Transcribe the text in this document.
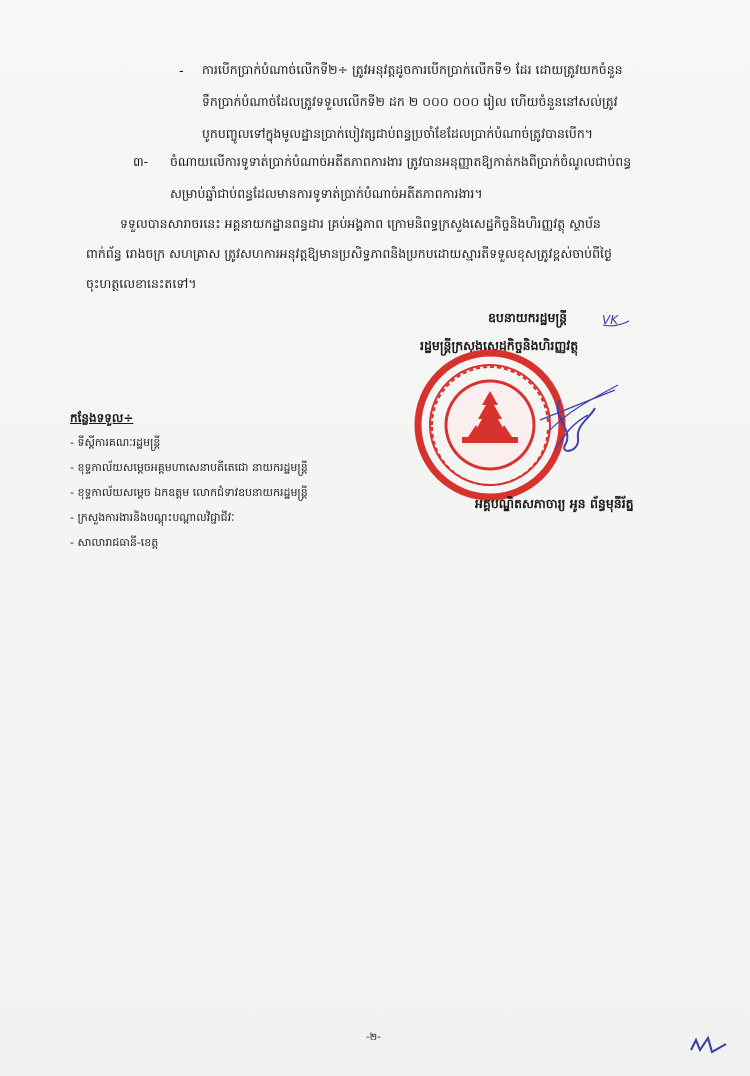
- ការបើកប្រាក់បំណាច់លើកទី២÷ ត្រូវអនុវត្តដូចការបើកប្រាក់លើកទី១ ដែរ ដោយត្រូវយកចំនួន
ទឹកប្រាក់បំណាច់ដែលត្រូវទទួលលើកទី២ ដក ២ ០០០ ០០០ រៀល ហើយចំនួននៅសល់ត្រូវ
បូកបញ្ចូលទៅក្នុងមូលដ្ឋានប្រាក់បៀវត្សជាប់ពន្ធប្រចាំខែដែលប្រាក់បំណាច់ត្រូវបានបើក។
៣- ចំណាយលើការទូទាត់ប្រាក់បំណាច់អតីតភាពការងារ ត្រូវបានអនុញ្ញាតឱ្យកាត់កងពីប្រាក់ចំណូលជាប់ពន្ធ
សម្រាប់ឆ្នាំជាប់ពន្ធដែលមានការទូទាត់ប្រាក់បំណាច់អតីតភាពការងារ។
ទទួលបានសារាចរនេះ អគ្គនាយកដ្ឋានពន្ធដារ គ្រប់អង្គភាព ក្រោមនិពទ្ធក្រសួងសេដ្ឋកិច្ចនិងហិរញ្ញវត្ថុ ស្ថាប័ន
ពាក់ព័ន្ធ រោងចក្រ សហគ្រាស ត្រូវសហការអនុវត្តឱ្យមានប្រសិទ្ធភាពនិងប្រកបដោយស្មារតីទទួលខុសត្រូវខ្ពស់ចាប់ពីថ្ងៃ
ចុះហត្ថលេខានេះតទៅ។
ឧបនាយករដ្ឋមន្ត្រី	VK
រដ្ឋមន្ត្រីក្រសួងសេដ្ឋកិច្ចនិងហិរញ្ញវត្ថុ
អគ្គបណ្ឌិតសភាចារ្យ អូន ព័ន្ធមុនីរ័ត្ន
កន្លែងទទួល÷
- ទីស្តីការគណៈរដ្ឋមន្ត្រី
- ខុទ្ទកាល័យសម្តេចអគ្គមហាសេនាបតីតេជោ នាយករដ្ឋមន្ត្រី
- ខុទ្ទកាល័យសម្តេច ឯកឧត្តម លោកជំទាវឧបនាយករដ្ឋមន្ត្រី
- ក្រសួងការងារនិងបណ្តុះបណ្តាលវិជ្ជាជីវៈ
- សាលារាជធានី-ខេត្ត
-២-
